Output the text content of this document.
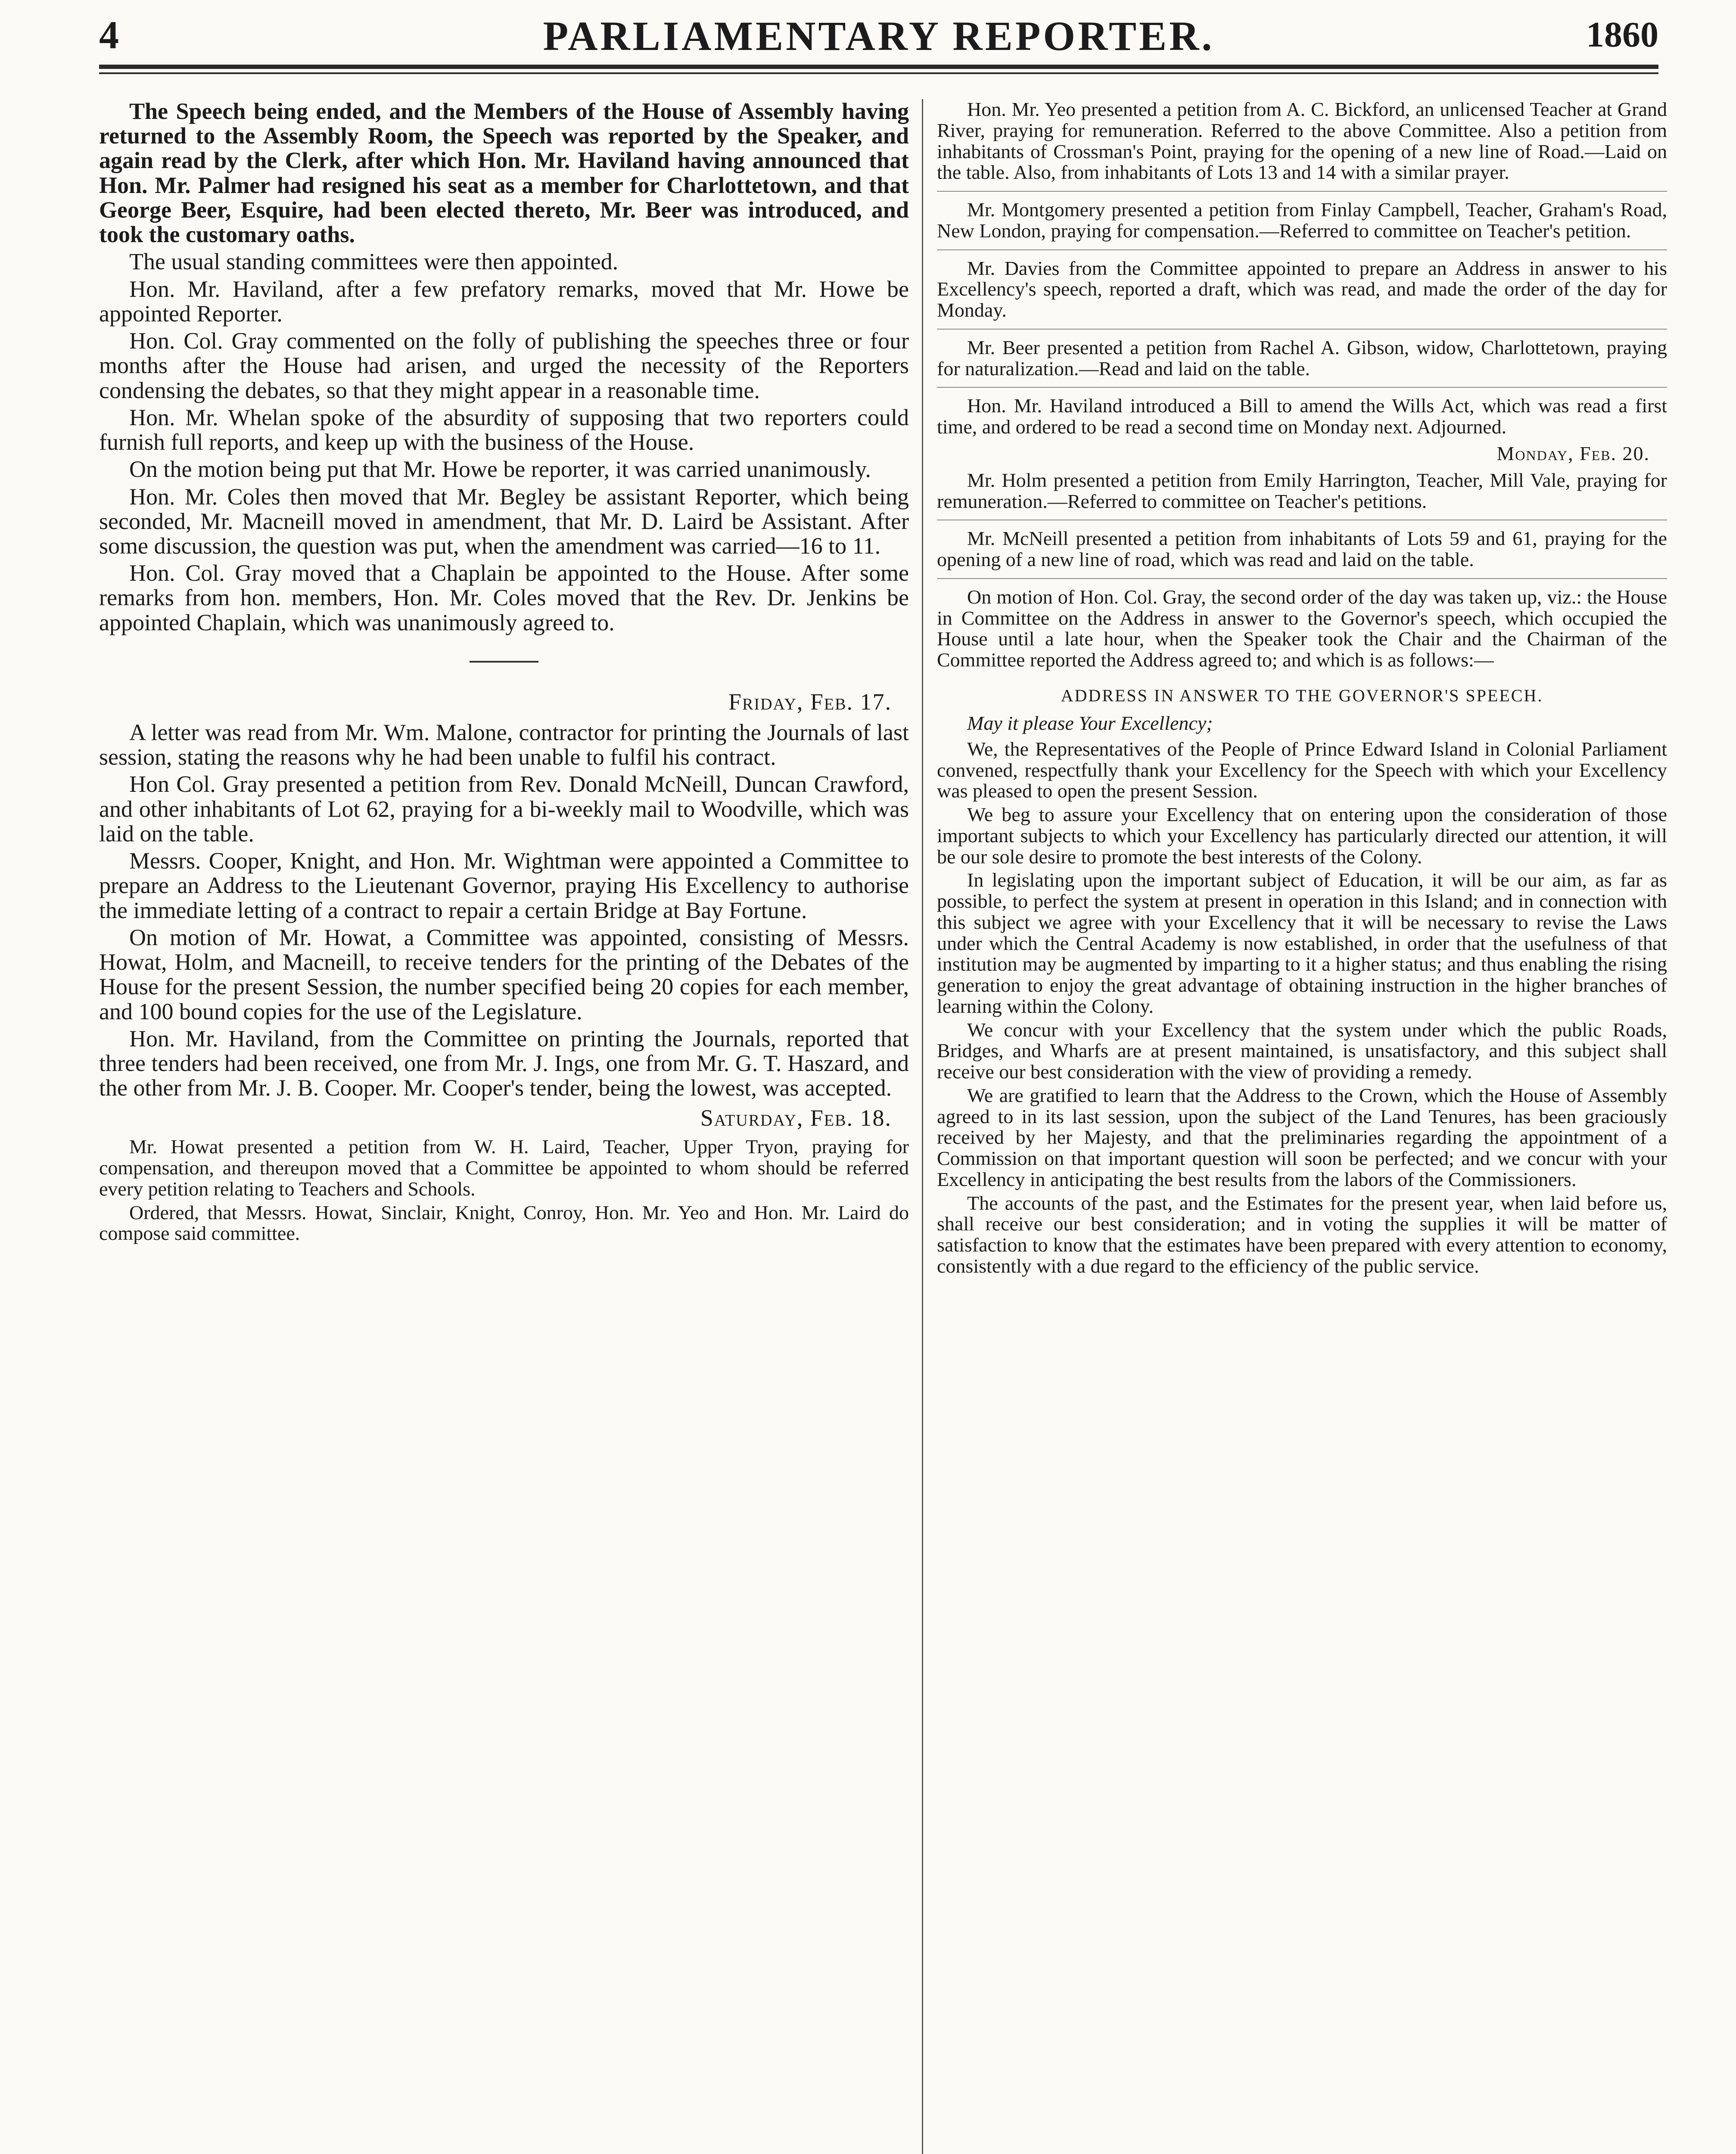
4	PARLIAMENTARY REPORTER.	1860

The Speech being ended, and the Members of the House of Assembly having returned to the Assembly Room, the Speech was reported by the Speaker, and again read by the Clerk, after which Hon. Mr. Haviland having announced that Hon. Mr. Palmer had resigned his seat as a member for Charlottetown, and that George Beer, Esquire, had been elected thereto, Mr. Beer was introduced, and took the customary oaths.

The usual standing committees were then appointed.

Hon. Mr. Haviland, after a few prefatory remarks, moved that Mr. Howe be appointed Reporter.

Hon. Col. Gray commented on the folly of publishing the speeches three or four months after the House had arisen, and urged the necessity of the Reporters condensing the debates, so that they might appear in a reasonable time.

Hon. Mr. Whelan spoke of the absurdity of supposing that two reporters could furnish full reports, and keep up with the business of the House.

On the motion being put that Mr. Howe be reporter, it was carried unanimously.

Hon. Mr. Coles then moved that Mr. Begley be assistant Reporter, which being seconded, Mr. Macneill moved in amendment, that Mr. D. Laird be Assistant. After some discussion, the question was put, when the amendment was carried—16 to 11.

Hon. Col. Gray moved that a Chaplain be appointed to the House. After some remarks from hon. members, Hon. Mr. Coles moved that the Rev. Dr. Jenkins be appointed Chaplain, which was unanimously agreed to.

Friday, Feb. 17.

A letter was read from Mr. Wm. Malone, contractor for printing the Journals of last session, stating the reasons why he had been unable to fulfil his contract.

Hon Col. Gray presented a petition from Rev. Donald McNeill, Duncan Crawford, and other inhabitants of Lot 62, praying for a bi-weekly mail to Woodville, which was laid on the table.

Messrs. Cooper, Knight, and Hon. Mr. Wightman were appointed a Committee to prepare an Address to the Lieutenant Governor, praying His Excellency to authorise the immediate letting of a contract to repair a certain Bridge at Bay Fortune.

On motion of Mr. Howat, a Committee was appointed, consisting of Messrs. Howat, Holm, and Macneill, to receive tenders for the printing of the Debates of the House for the present Session, the number specified being 20 copies for each member, and 100 bound copies for the use of the Legislature.

Hon. Mr. Haviland, from the Committee on printing the Journals, reported that three tenders had been received, one from Mr. J. Ings, one from Mr. G. T. Haszard, and the other from Mr. J. B. Cooper. Mr. Cooper's tender, being the lowest, was accepted.

Saturday, Feb. 18.

Mr. Howat presented a petition from W. H. Laird, Teacher, Upper Tryon, praying for compensation, and thereupon moved that a Committee be appointed to whom should be referred every petition relating to Teachers and Schools.

Ordered, that Messrs. Howat, Sinclair, Knight, Conroy, Hon. Mr. Yeo and Hon. Mr. Laird do compose said committee.

Hon. Mr. Yeo presented a petition from A. C. Bickford, an unlicensed Teacher at Grand River, praying for remuneration. Referred to the above Committee. Also a petition from inhabitants of Crossman's Point, praying for the opening of a new line of Road.—Laid on the table. Also, from inhabitants of Lots 13 and 14 with a similar prayer.

Mr. Montgomery presented a petition from Finlay Campbell, Teacher, Graham's Road, New London, praying for compensation.—Referred to committee on Teacher's petition.

Mr. Davies from the Committee appointed to prepare an Address in answer to his Excellency's speech, reported a draft, which was read, and made the order of the day for Monday.

Mr. Beer presented a petition from Rachel A. Gibson, widow, Charlottetown, praying for naturalization.—Read and laid on the table.

Hon. Mr. Haviland introduced a Bill to amend the Wills Act, which was read a first time, and ordered to be read a second time on Monday next. Adjourned.

Monday, Feb. 20.

Mr. Holm presented a petition from Emily Harrington, Teacher, Mill Vale, praying for remuneration.—Referred to committee on Teacher's petitions.

Mr. McNeill presented a petition from inhabitants of Lots 59 and 61, praying for the opening of a new line of road, which was read and laid on the table.

On motion of Hon. Col. Gray, the second order of the day was taken up, viz.: the House in Committee on the Address in answer to the Governor's speech, which occupied the House until a late hour, when the Speaker took the Chair and the Chairman of the Committee reported the Address agreed to; and which is as follows:—

ADDRESS IN ANSWER TO THE GOVERNOR'S SPEECH.

May it please Your Excellency;

We, the Representatives of the People of Prince Edward Island in Colonial Parliament convened, respectfully thank your Excellency for the Speech with which your Excellency was pleased to open the present Session.

We beg to assure your Excellency that on entering upon the consideration of those important subjects to which your Excellency has particularly directed our attention, it will be our sole desire to promote the best interests of the Colony.

In legislating upon the important subject of Education, it will be our aim, as far as possible, to perfect the system at present in operation in this Island; and in connection with this subject we agree with your Excellency that it will be necessary to revise the Laws under which the Central Academy is now established, in order that the usefulness of that institution may be augmented by imparting to it a higher status; and thus enabling the rising generation to enjoy the great advantage of obtaining instruction in the higher branches of learning within the Colony.

We concur with your Excellency that the system under which the public Roads, Bridges, and Wharfs are at present maintained, is unsatisfactory, and this subject shall receive our best consideration with the view of providing a remedy.

We are gratified to learn that the Address to the Crown, which the House of Assembly agreed to in its last session, upon the subject of the Land Tenures, has been graciously received by her Majesty, and that the preliminaries regarding the appointment of a Commission on that important question will soon be perfected; and we concur with your Excellency in anticipating the best results from the labors of the Commissioners.

The accounts of the past, and the Estimates for the present year, when laid before us, shall receive our best consideration; and in voting the supplies it will be matter of satisfaction to know that the estimates have been prepared with every attention to economy, consistently with a due regard to the efficiency of the public service.
